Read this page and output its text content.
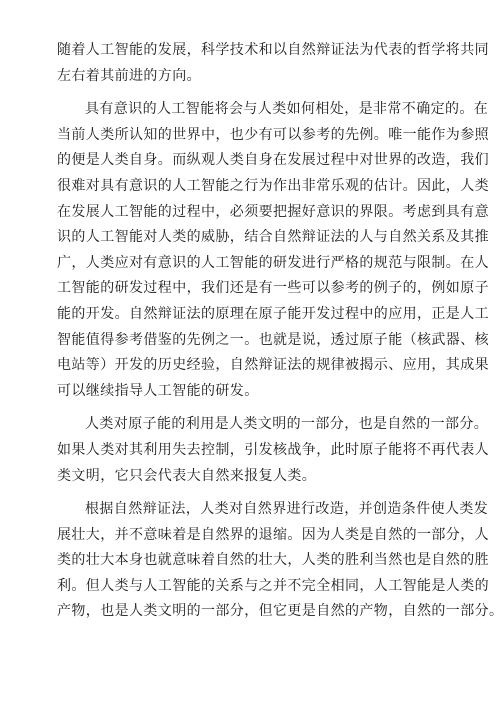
随着人工智能的发展，科学技术和以自然辩证法为代表的哲学将共同
左右着其前进的方向。

具有意识的人工智能将会与人类如何相处，是非常不确定的。在
当前人类所认知的世界中，也少有可以参考的先例。唯一能作为参照
的便是人类自身。而纵观人类自身在发展过程中对世界的改造，我们
很难对具有意识的人工智能之行为作出非常乐观的估计。因此，人类
在发展人工智能的过程中，必须要把握好意识的界限。考虑到具有意
识的人工智能对人类的威胁，结合自然辩证法的人与自然关系及其推
广，人类应对有意识的人工智能的研发进行严格的规范与限制。在人
工智能的研发过程中，我们还是有一些可以参考的例子的，例如原子
能的开发。自然辩证法的原理在原子能开发过程中的应用，正是人工
智能值得参考借鉴的先例之一。也就是说，透过原子能（核武器、核
电站等）开发的历史经验，自然辩证法的规律被揭示、应用，其成果
可以继续指导人工智能的研发。

人类对原子能的利用是人类文明的一部分，也是自然的一部分。
如果人类对其利用失去控制，引发核战争，此时原子能将不再代表人
类文明，它只会代表大自然来报复人类。

根据自然辩证法，人类对自然界进行改造，并创造条件使人类发
展壮大，并不意味着是自然界的退缩。因为人类是自然的一部分，人
类的壮大本身也就意味着自然的壮大，人类的胜利当然也是自然的胜
利。但人类与人工智能的关系与之并不完全相同，人工智能是人类的
产物，也是人类文明的一部分，但它更是自然的产物，自然的一部分。
